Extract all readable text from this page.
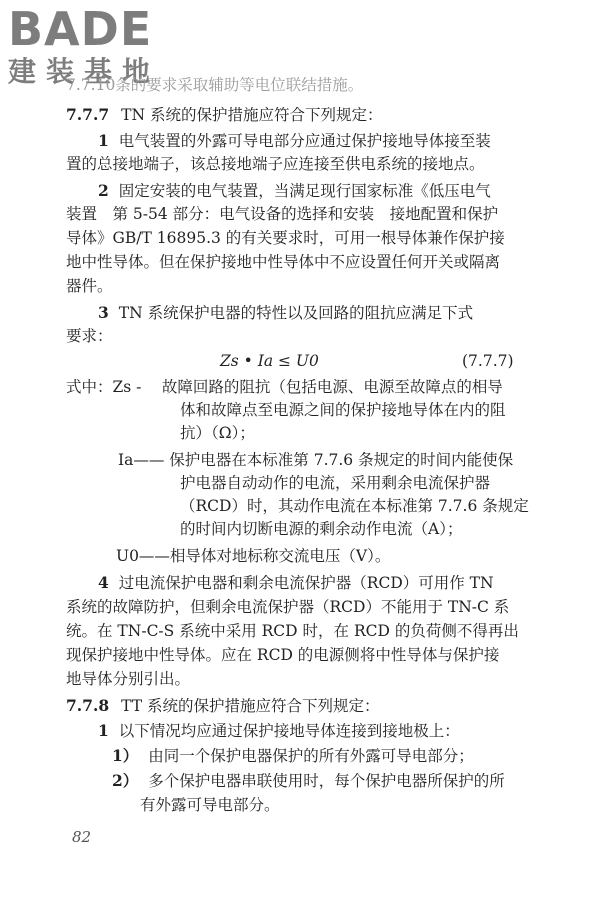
BADE
建装基地
7.7.10条的要求采取辅助等电位联结措施。
7.7.7 TN 系统的保护措施应符合下列规定：
1 电气装置的外露可导电部分应通过保护接地导体接至装
置的总接地端子，该总接地端子应连接至供电系统的接地点。
2 固定安装的电气装置，当满足现行国家标准《低压电气
装置　第 5-54 部分：电气设备的选择和安装　接地配置和保护
导体》GB/T 16895.3 的有关要求时，可用一根导体兼作保护接
地中性导体。但在保护接地中性导体中不应设置任何开关或隔离
器件。
3 TN 系统保护电器的特性以及回路的阻抗应满足下式
要求：
Zs • Ia ≤ U0	(7.7.7)
式中：Zs - 　故障回路的阻抗（包括电源、电源至故障点的相导
体和故障点至电源之间的保护接地导体在内的阻
抗）（Ω）；
Ia—— 保护电器在本标准第 7.7.6 条规定的时间内能使保
护电器自动动作的电流，采用剩余电流保护器
（RCD）时，其动作电流在本标准第 7.7.6 条规定
的时间内切断电源的剩余动作电流（A）；
U0——相导体对地标称交流电压（V）。
4 过电流保护电器和剩余电流保护器（RCD）可用作 TN
系统的故障防护，但剩余电流保护器（RCD）不能用于 TN-C 系
统。在 TN-C-S 系统中采用 RCD 时，在 RCD 的负荷侧不得再出
现保护接地中性导体。应在 RCD 的电源侧将中性导体与保护接
地导体分别引出。
7.7.8 TT 系统的保护措施应符合下列规定：
1 以下情况均应通过保护接地导体连接到接地极上：
1） 由同一个保护电器保护的所有外露可导电部分；
2） 多个保护电器串联使用时，每个保护电器所保护的所
有外露可导电部分。
82
